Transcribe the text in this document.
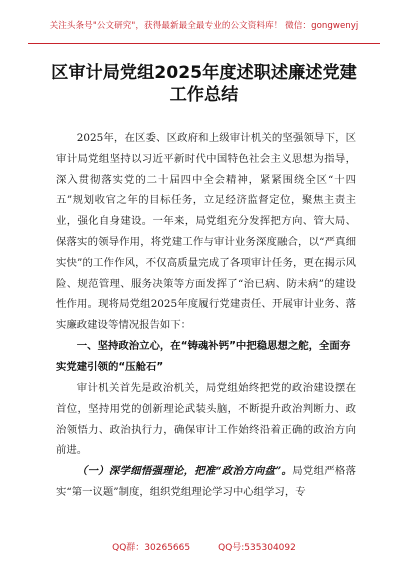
关注头条号"公文研究"，获得最新最全最专业的公文资料库！ 微信：gongwenyj
区审计局党组2025年度述职述廉述党建
工作总结

2025年，在区委、区政府和上级审计机关的坚强领导下，区审计局党组坚持以习近平新时代中国特色社会主义思想为指导，深入贯彻落实党的二十届四中全会精神，紧紧围绕全区“十四五”规划收官之年的目标任务，立足经济监督定位，聚焦主责主业，强化自身建设。一年来，局党组充分发挥把方向、管大局、保落实的领导作用，将党建工作与审计业务深度融合，以“严真细实快”的工作作风，不仅高质量完成了各项审计任务，更在揭示风险、规范管理、服务决策等方面发挥了“治已病、防未病”的建设性作用。现将局党组2025年度履行党建责任、开展审计业务、落实廉政建设等情况报告如下：

一、坚持政治立心，在“铸魂补钙”中把稳思想之舵，全面夯实党建引领的“压舱石”

审计机关首先是政治机关，局党组始终把党的政治建设摆在首位，坚持用党的创新理论武装头脑，不断提升政治判断力、政治领悟力、政治执行力，确保审计工作始终沿着正确的政治方向前进。

（一）深学细悟强理论，把准“政治方向盘”。局党组严格落实“第一议题”制度，组织党组理论学习中心组学习，专

QQ群：30265665	QQ号:535304092
